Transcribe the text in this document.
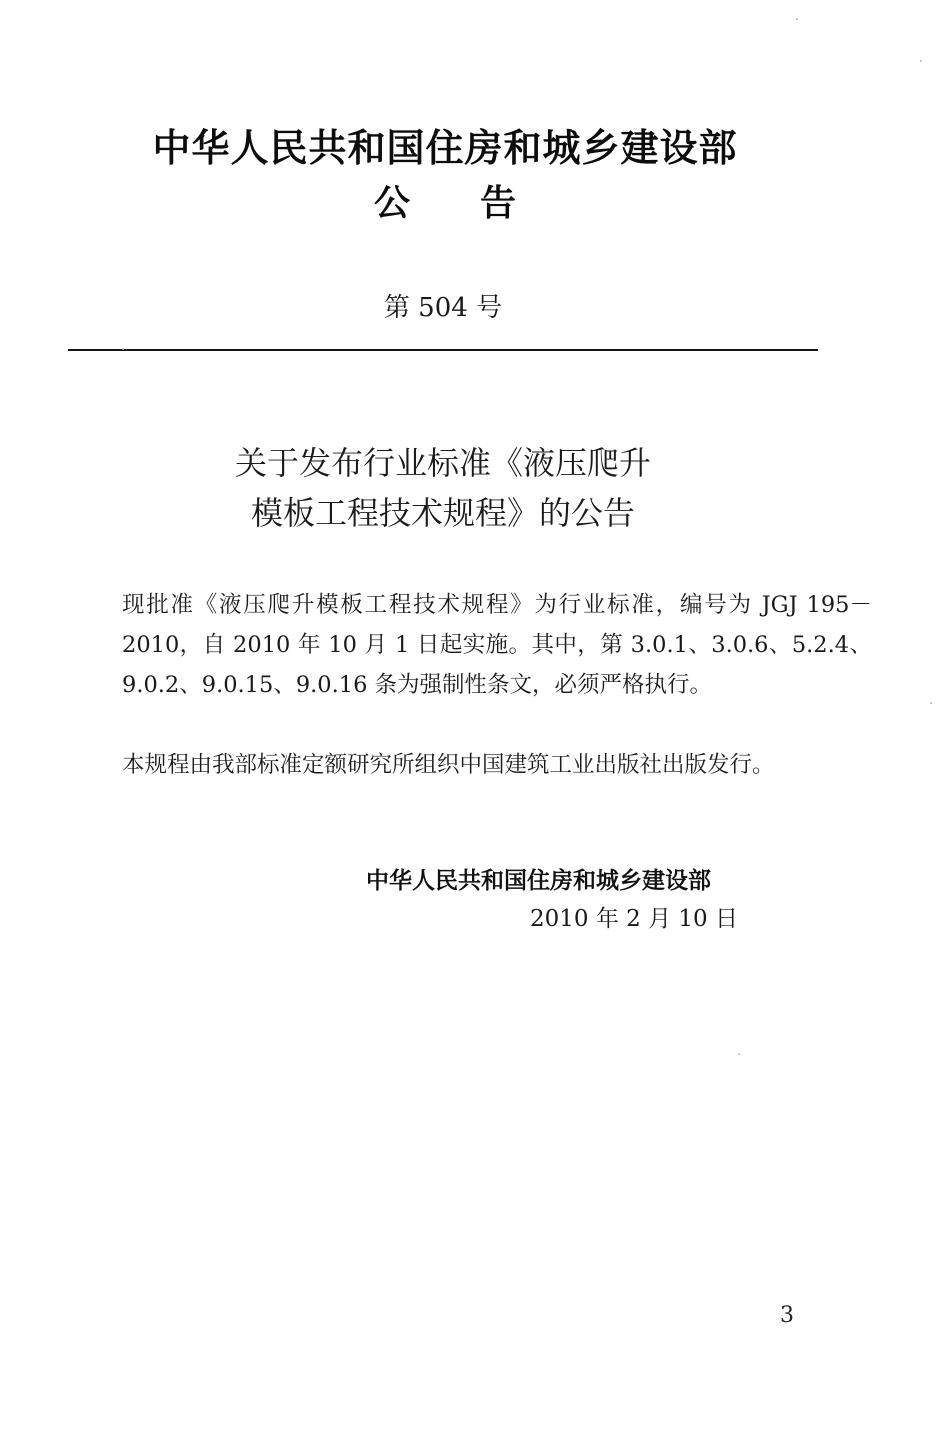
中华人民共和国住房和城乡建设部
公告
第 504 号
关于发布行业标准《液压爬升
模板工程技术规程》的公告
现批准《液压爬升模板工程技术规程》为行业标准，编号为 JGJ 195－2010，自 2010 年 10 月 1 日起实施。其中，第 3.0.1、3.0.6、5.2.4、9.0.2、9.0.15、9.0.16 条为强制性条文，必须严格执行。
本规程由我部标准定额研究所组织中国建筑工业出版社出版发行。
中华人民共和国住房和城乡建设部
2010 年 2 月 10 日
3
